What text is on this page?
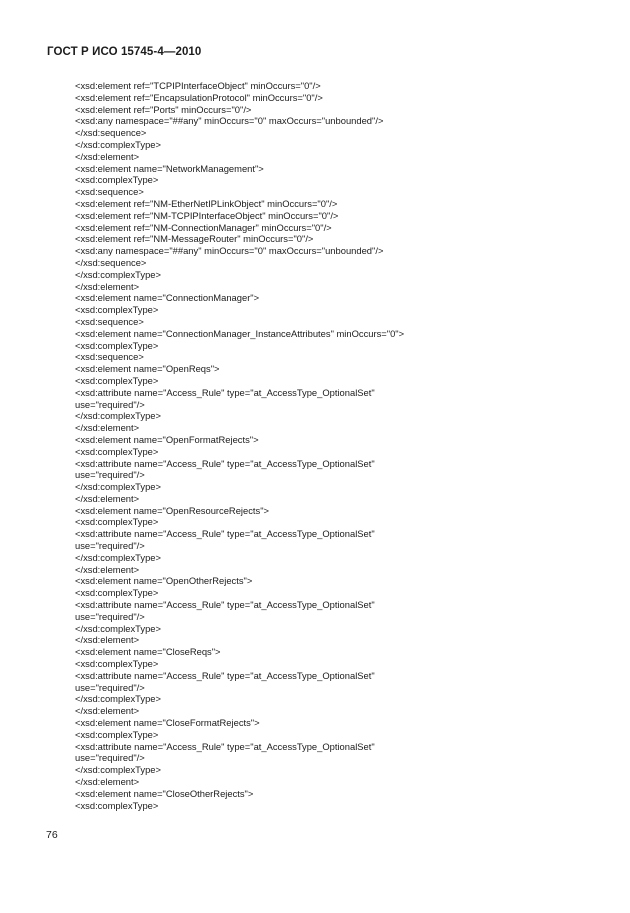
ГОСТ Р ИСО 15745-4—2010
<xsd:element ref="TCPIPInterfaceObject" minOccurs="0"/>
<xsd:element ref="EncapsulationProtocol" minOccurs="0"/>
<xsd:element ref="Ports" minOccurs="0"/>
<xsd:any namespace="##any" minOccurs="0" maxOccurs="unbounded"/>
</xsd:sequence>
</xsd:complexType>
</xsd:element>
<xsd:element name="NetworkManagement">
<xsd:complexType>
<xsd:sequence>
<xsd:element ref="NM-EtherNetIPLinkObject" minOccurs="0"/>
<xsd:element ref="NM-TCPIPInterfaceObject" minOccurs="0"/>
<xsd:element ref="NM-ConnectionManager" minOccurs="0"/>
<xsd:element ref="NM-MessageRouter" minOccurs="0"/>
<xsd:any namespace="##any" minOccurs="0" maxOccurs="unbounded"/>
</xsd:sequence>
</xsd:complexType>
</xsd:element>
<xsd:element name="ConnectionManager">
<xsd:complexType>
<xsd:sequence>
<xsd:element name="ConnectionManager_InstanceAttributes" minOccurs="0">
<xsd:complexType>
<xsd:sequence>
<xsd:element name="OpenReqs">
<xsd:complexType>
<xsd:attribute name="Access_Rule" type="at_AccessType_OptionalSet"
use="required"/>
</xsd:complexType>
</xsd:element>
<xsd:element name="OpenFormatRejects">
<xsd:complexType>
<xsd:attribute name="Access_Rule" type="at_AccessType_OptionalSet"
use="required"/>
</xsd:complexType>
</xsd:element>
<xsd:element name="OpenResourceRejects">
<xsd:complexType>
<xsd:attribute name="Access_Rule" type="at_AccessType_OptionalSet"
use="required"/>
</xsd:complexType>
</xsd:element>
<xsd:element name="OpenOtherRejects">
<xsd:complexType>
<xsd:attribute name="Access_Rule" type="at_AccessType_OptionalSet"
use="required"/>
</xsd:complexType>
</xsd:element>
<xsd:element name="CloseReqs">
<xsd:complexType>
<xsd:attribute name="Access_Rule" type="at_AccessType_OptionalSet"
use="required"/>
</xsd:complexType>
</xsd:element>
<xsd:element name="CloseFormatRejects">
<xsd:complexType>
<xsd:attribute name="Access_Rule" type="at_AccessType_OptionalSet"
use="required"/>
</xsd:complexType>
</xsd:element>
<xsd:element name="CloseOtherRejects">
<xsd:complexType>
76
